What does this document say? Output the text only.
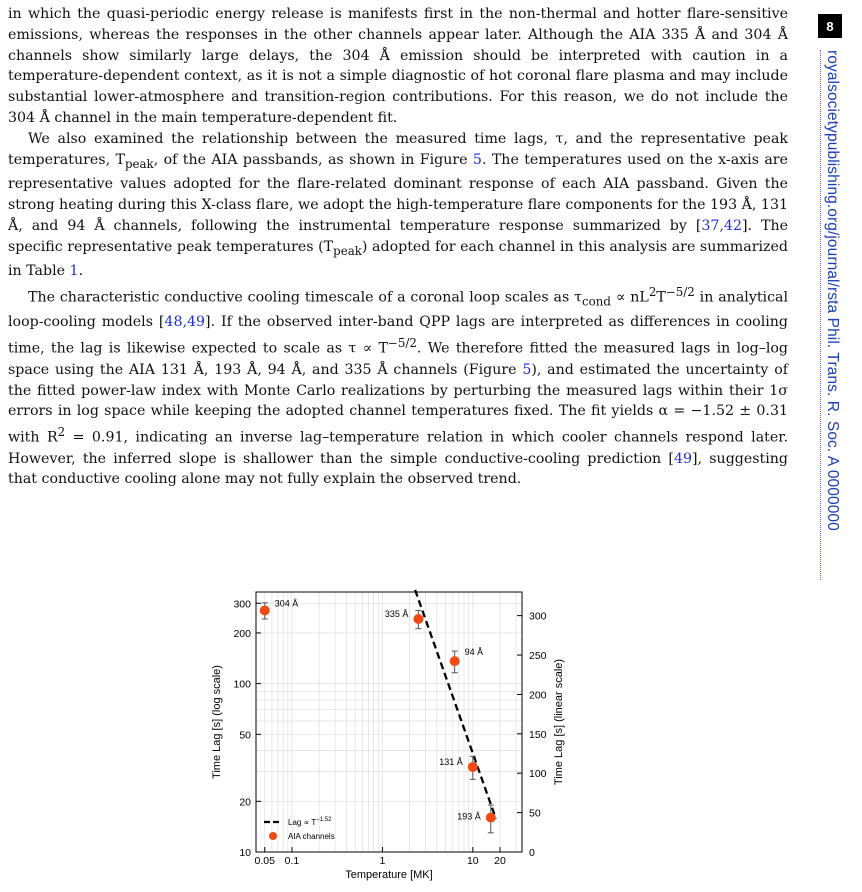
8
royalsocietypublishing.org/journal/rsta Phil. Trans. R. Soc. A 0000000

in which the quasi-periodic energy release is manifests first in the non-thermal and hotter flare-sensitive emissions, whereas the responses in the other channels appear later. Although the AIA 335 Å and 304 Å channels show similarly large delays, the 304 Å emission should be interpreted with caution in a temperature-dependent context, as it is not a simple diagnostic of hot coronal flare plasma and may include substantial lower-atmosphere and transition-region contributions. For this reason, we do not include the 304 Å channel in the main temperature-dependent fit.

We also examined the relationship between the measured time lags, τ, and the representative peak temperatures, $T_{peak}$, of the AIA passbands, as shown in Figure 5. The temperatures used on the x-axis are representative values adopted for the flare-related dominant response of each AIA passband. Given the strong heating during this X-class flare, we adopt the high-temperature flare components for the 193 Å, 131 Å, and 94 Å channels, following the instrumental temperature response summarized by [37,42]. The specific representative peak temperatures $(T_{peak})$ adopted for each channel in this analysis are summarized in Table 1.

The characteristic conductive cooling timescale of a coronal loop scales as $\tau_{cond} \propto nL^2T^{-5/2}$ in analytical loop-cooling models [48,49]. If the observed inter-band QPP lags are interpreted as differences in cooling time, the lag is likewise expected to scale as $\tau \propto T^{-5/2}$. We therefore fitted the measured lags in log–log space using the AIA 131 Å, 193 Å, 94 Å, and 335 Å channels (Figure 5), and estimated the uncertainty of the fitted power-law index with Monte Carlo realizations by perturbing the measured lags within their 1σ errors in log space while keeping the adopted channel temperatures fixed. The fit yields α = −1.52 ± 0.31 with $R^2 = 0.91$, indicating an inverse lag–temperature relation in which cooler channels respond later. However, the inferred slope is shallower than the simple conductive-cooling prediction [49], suggesting that conductive cooling alone may not fully explain the observed trend.

0.05 0.1	1	10 20
10
20
50
100
200
300
0
50
100
150
200
250
300
Temperature [MK]
Time Lag [s] (log scale)	Time Lag [s] (linear scale)
304 Å
335 Å
94 Å
131 Å
193 Å
Lag ∝ $T^{-1.52}$
AIA channels
